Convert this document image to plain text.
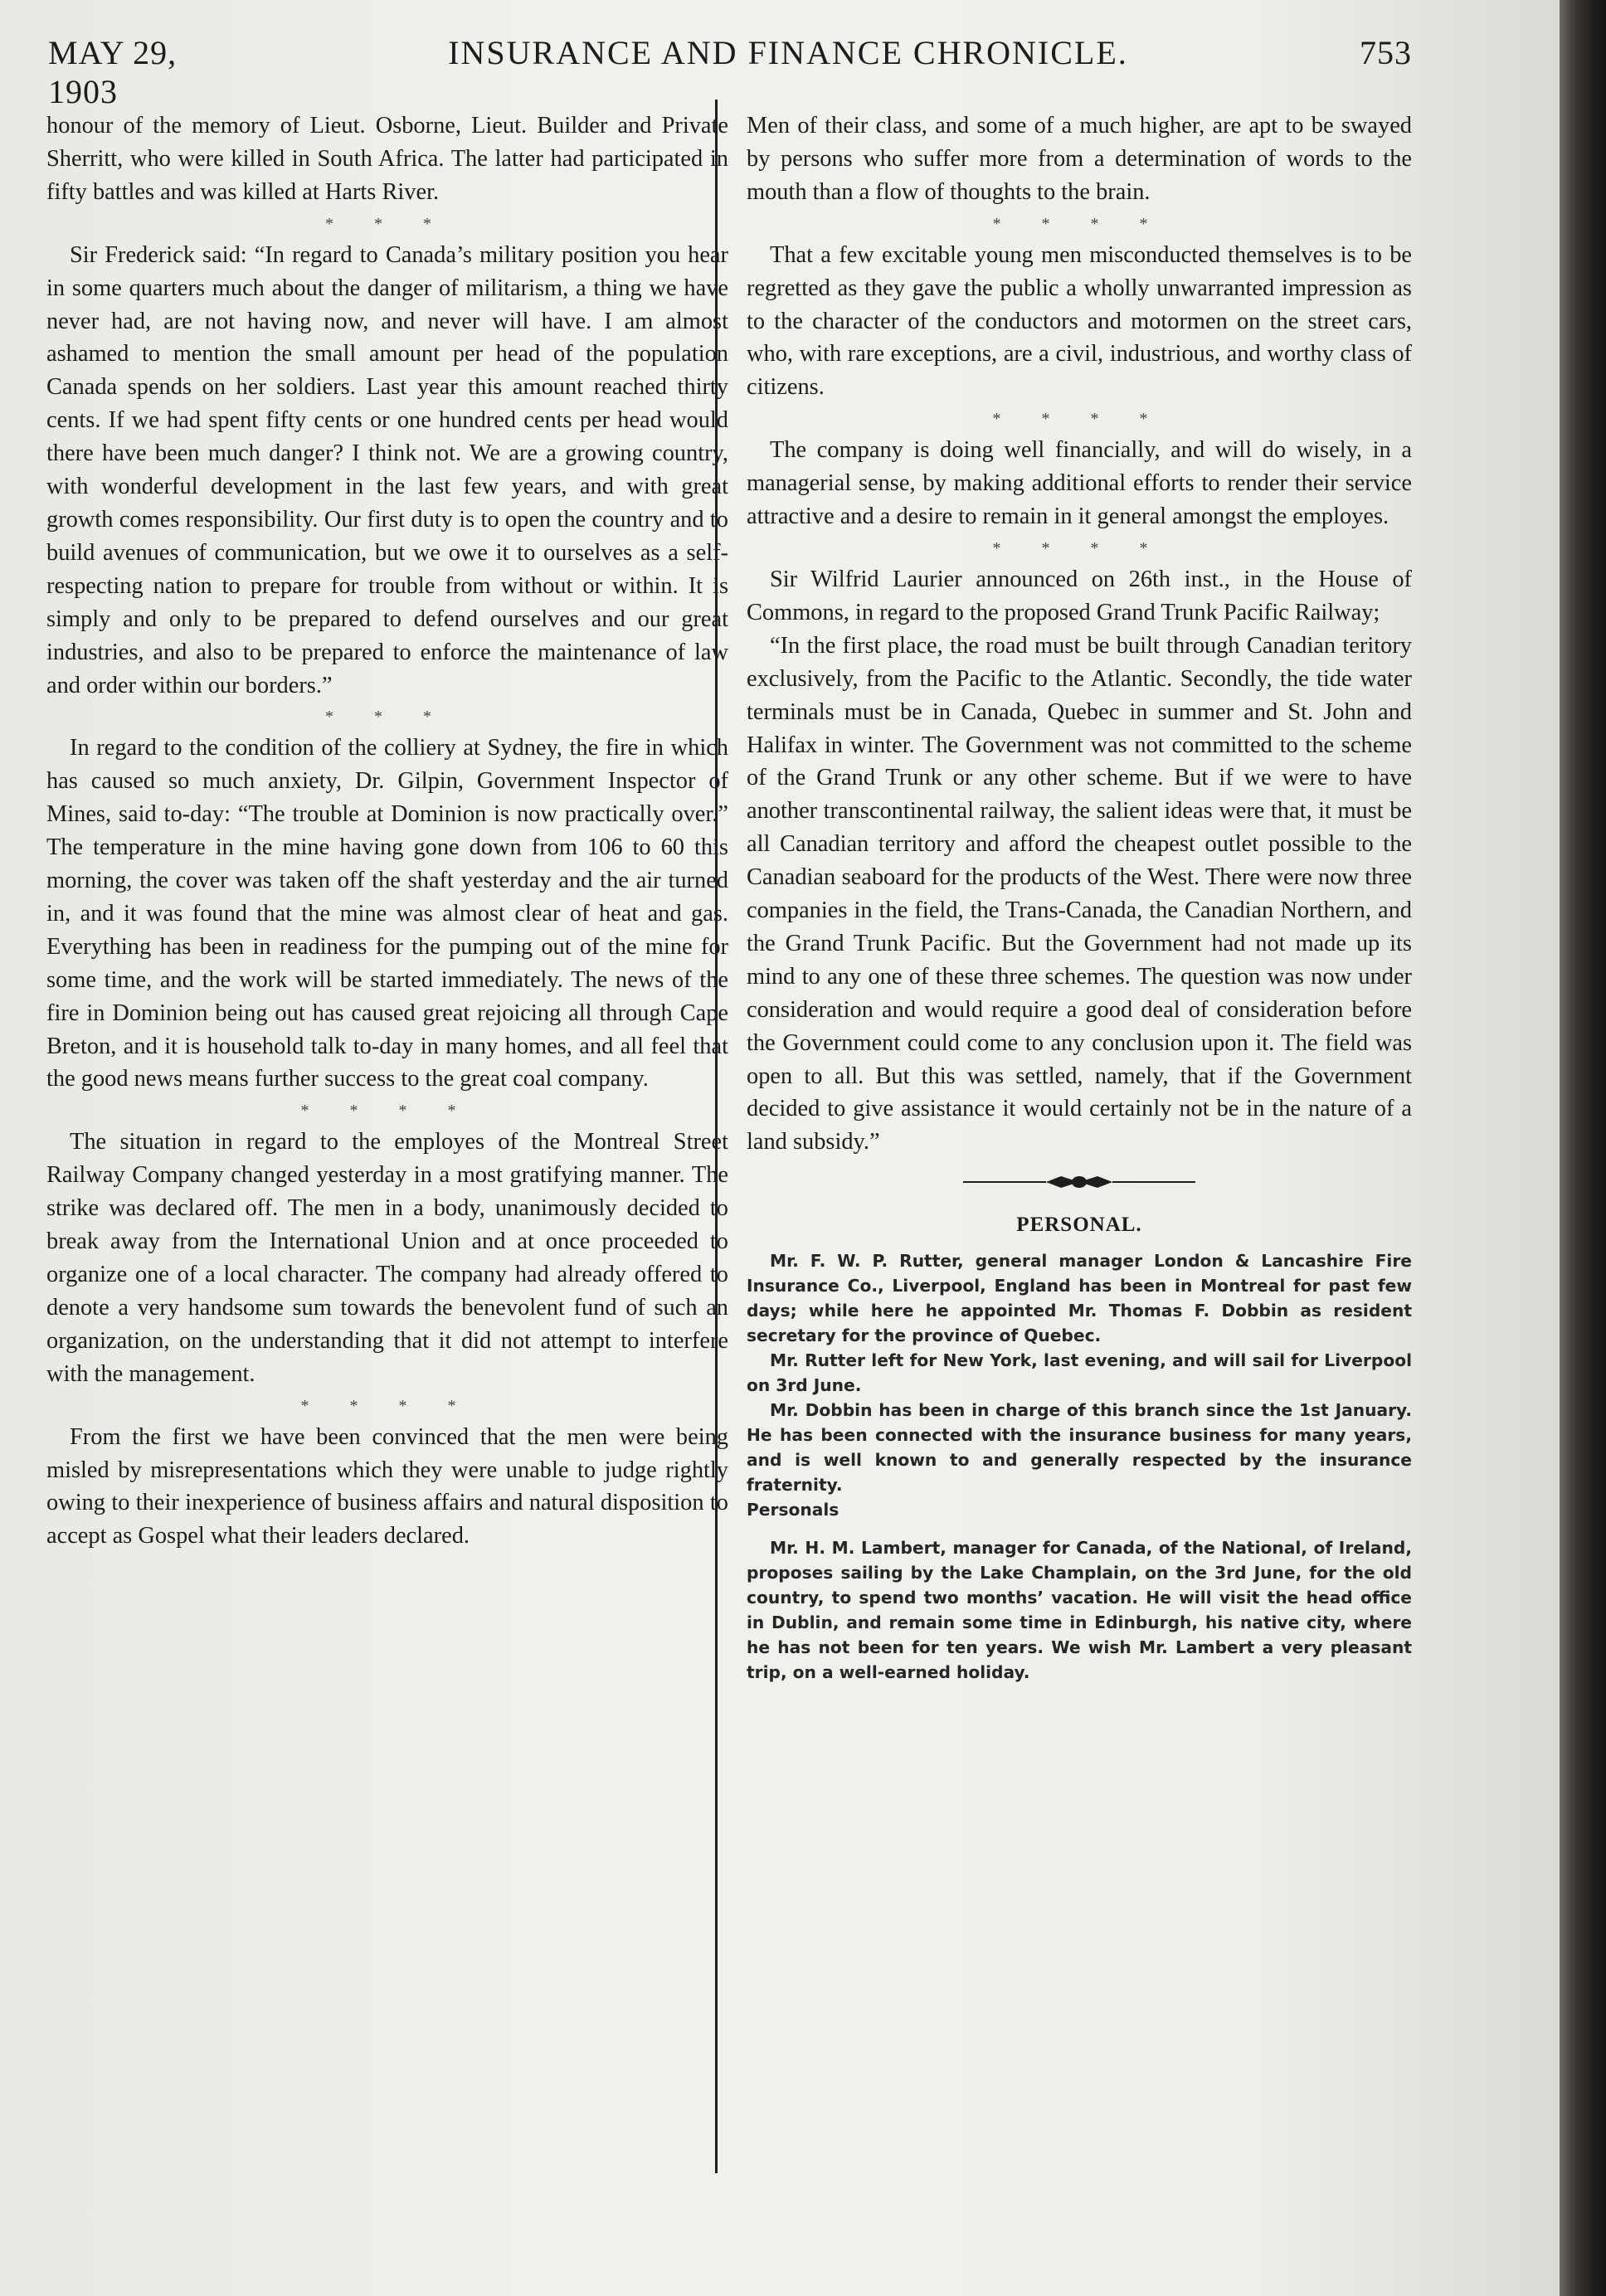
MAY 29, 1903
INSURANCE AND FINANCE CHRONICLE.	753

honour of the memory of Lieut. Osborne, Lieut. Builder and Private Sherritt, who were killed in South Africa. The latter had participated in fifty battles and was killed at Harts River.

* * *

Sir Frederick said: “In regard to Canada’s military position you hear in some quarters much about the danger of militarism, a thing we have never had, are not having now, and never will have. I am almost ashamed to mention the small amount per head of the population Canada spends on her soldiers. Last year this amount reached thirty cents. If we had spent fifty cents or one hundred cents per head would there have been much danger? I think not. We are a growing country, with wonderful development in the last few years, and with great growth comes responsibility. Our first duty is to open the country and to build avenues of communication, but we owe it to ourselves as a self-respecting nation to prepare for trouble from without or within. It is simply and only to be prepared to defend ourselves and our great industries, and also to be prepared to enforce the maintenance of law and order within our borders.”

* * *

In regard to the condition of the colliery at Sydney, the fire in which has caused so much anxiety, Dr. Gilpin, Government Inspector of Mines, said to-day: “The trouble at Dominion is now practically over.” The temperature in the mine having gone down from 106 to 60 this morning, the cover was taken off the shaft yesterday and the air turned in, and it was found that the mine was almost clear of heat and gas. Everything has been in readiness for the pumping out of the mine for some time, and the work will be started immediately. The news of the fire in Dominion being out has caused great rejoicing all through Cape Breton, and it is household talk to-day in many homes, and all feel that the good news means further success to the great coal company.

* * * *

The situation in regard to the employes of the Montreal Street Railway Company changed yesterday in a most gratifying manner. The strike was declared off. The men in a body, unanimously decided to break away from the International Union and at once proceeded to organize one of a local character. The company had already offered to denote a very handsome sum towards the benevolent fund of such an organization, on the understanding that it did not attempt to interfere with the management.

* * * *

From the first we have been convinced that the men were being misled by misrepresentations which they were unable to judge rightly owing to their inexperience of business affairs and natural disposition to accept as Gospel what their leaders declared.

Men of their class, and some of a much higher, are apt to be swayed by persons who suffer more from a determination of words to the mouth than a flow of thoughts to the brain.

* * * *

That a few excitable young men misconducted themselves is to be regretted as they gave the public a wholly unwarranted impression as to the character of the conductors and motormen on the street cars, who, with rare exceptions, are a civil, industrious, and worthy class of citizens.

* * * *

The company is doing well financially, and will do wisely, in a managerial sense, by making additional efforts to render their service attractive and a desire to remain in it general amongst the employes.

* * * *

Sir Wilfrid Laurier announced on 26th inst., in the House of Commons, in regard to the proposed Grand Trunk Pacific Railway;

“In the first place, the road must be built through Canadian teritory exclusively, from the Pacific to the Atlantic. Secondly, the tide water terminals must be in Canada, Quebec in summer and St. John and Halifax in winter. The Government was not committed to the scheme of the Grand Trunk or any other scheme. But if we were to have another transcontinental railway, the salient ideas were that, it must be all Canadian territory and afford the cheapest outlet possible to the Canadian seaboard for the products of the West. There were now three companies in the field, the Trans-Canada, the Canadian Northern, and the Grand Trunk Pacific. But the Government had not made up its mind to any one of these three schemes. The question was now under consideration and would require a good deal of consideration before the Government could come to any conclusion upon it. The field was open to all. But this was settled, namely, that if the Government decided to give assistance it would certainly not be in the nature of a land subsidy.”

PERSONAL.

Mr. F. W. P. Rutter, general manager London & Lancashire Fire Insurance Co., Liverpool, England has been in Montreal for past few days; while here he appointed Mr. Thomas F. Dobbin as resident secretary for the province of Quebec.

Mr. Rutter left for New York, last evening, and will sail for Liverpool on 3rd June.

Mr. Dobbin has been in charge of this branch since the 1st January. He has been connected with the insurance business for many years, and is well known to and generally respected by the insurance fraternity.

Personals

Mr. H. M. Lambert, manager for Canada, of the National, of Ireland, proposes sailing by the Lake Champlain, on the 3rd June, for the old country, to spend two months’ vacation. He will visit the head office in Dublin, and remain some time in Edinburgh, his native city, where he has not been for ten years. We wish Mr. Lambert a very pleasant trip, on a well-earned holiday.
